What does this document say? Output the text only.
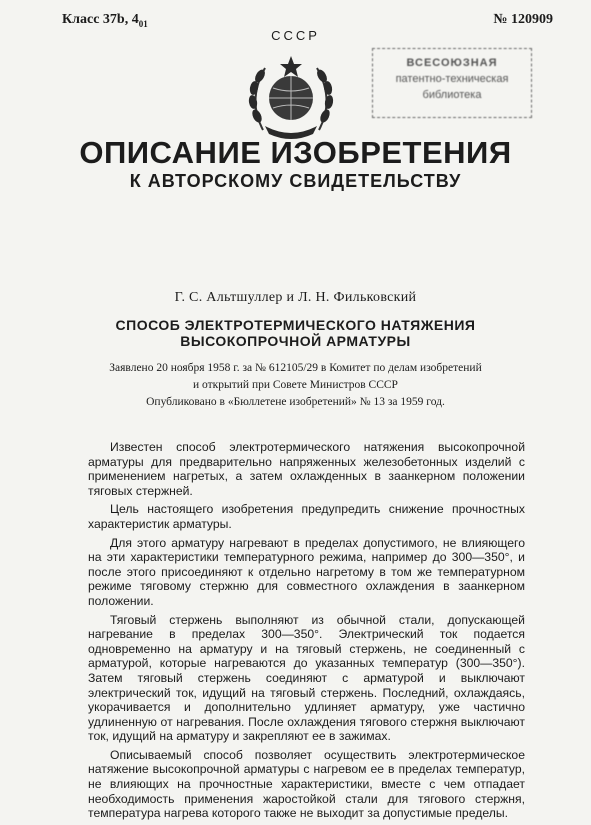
Класс 37b, $4_{01}$	№ 120909
СССР
ВСЕСОЮЗНАЯ
патентно-техническая
библиотека
ОПИСАНИЕ ИЗОБРЕТЕНИЯ
К АВТОРСКОМУ СВИДЕТЕЛЬСТВУ
Г. С. Альтшуллер и Л. Н. Фильковский
СПОСОБ ЭЛЕКТРОТЕРМИЧЕСКОГО НАТЯЖЕНИЯ
ВЫСОКОПРОЧНОЙ АРМАТУРЫ
Заявлено 20 ноября 1958 г. за № 612105/29 в Комитет по делам изобретений
и открытий при Совете Министров СССР
Опубликовано в «Бюллетене изобретений» № 13 за 1959 год.

Известен способ электротермического натяжения высокопрочной арматуры для предварительно напряженных железобетонных изделий с применением нагретых, а затем охлажденных в заанкерном положении тяговых стержней.

Цель настоящего изобретения предупредить снижение прочностных характеристик арматуры.

Для этого арматуру нагревают в пределах допустимого, не влияющего на эти характеристики температурного режима, например до 300—350°, и после этого присоединяют к отдельно нагретому в том же температурном режиме тяговому стержню для совместного охлаждения в заанкерном положении.

Тяговый стержень выполняют из обычной стали, допускающей нагревание в пределах 300—350°. Электрический ток подается одновременно на арматуру и на тяговый стержень, не соединенный с арматурой, которые нагреваются до указанных температур (300—350°). Затем тяговый стержень соединяют с арматурой и выключают электрический ток, идущий на тяговый стержень. Последний, охлаждаясь, укорачивается и дополнительно удлиняет арматуру, уже частично удлиненную от нагревания. После охлаждения тягового стержня выключают ток, идущий на арматуру и закрепляют ее в зажимах.

Описываемый способ позволяет осуществить электротермическое натяжение высокопрочной арматуры с нагревом ее в пределах температур, не влияющих на прочностные характеристики, вместе с чем отпадает необходимость применения жаростойкой стали для тягового стержня, температура нагрева которого также не выходит за допустимые пределы.
